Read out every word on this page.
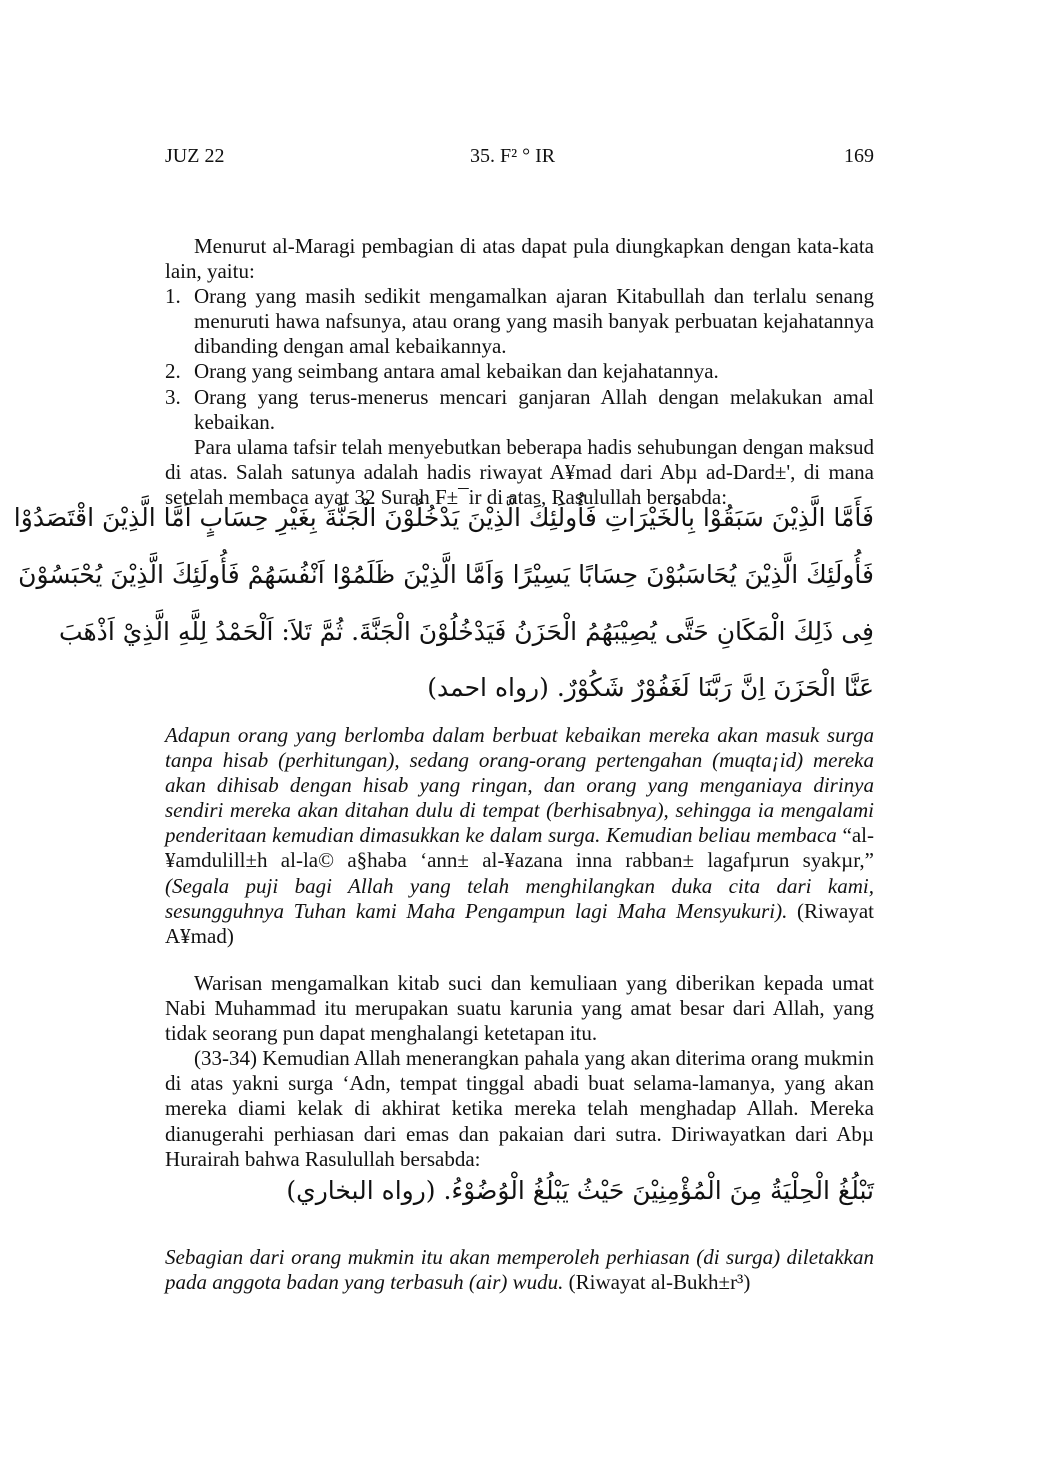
JUZ 22	35. F² ° IR	169

Menurut al-Maragi pembagian di atas dapat pula diungkapkan dengan kata-kata lain, yaitu:

1. Orang yang masih sedikit mengamalkan ajaran Kitabullah dan terlalu senang menuruti hawa nafsunya, atau orang yang masih banyak perbuatan kejahatannya dibanding dengan amal kebaikannya.

2. Orang yang seimbang antara amal kebaikan dan kejahatannya.

3. Orang yang terus-menerus mencari ganjaran Allah dengan melakukan amal kebaikan.

Para ulama tafsir telah menyebutkan beberapa hadis sehubungan dengan maksud di atas. Salah satunya adalah hadis riwayat A¥mad dari Abµ ad-Dard±', di mana setelah membaca ayat 32 Surah F±¯ir di atas, Rasulullah bersabda:

فَأَمَّا الَّذِيْنَ سَبَقُوْا بِالْخَيْرَاتِ فَأُولَئِكَ الَّذِيْنَ يَدْخُلُوْنَ الْجَنَّةَ بِغَيْرِ حِسَابٍ اَمَّا الَّذِيْنَ اقْتَصَدُوْا
فَأُولَئِكَ الَّذِيْنَ يُحَاسَبُوْنَ حِسَابًا يَسِيْرًا وَاَمَّا الَّذِيْنَ ظَلَمُوْا اَنْفُسَهُمْ فَأُولَئِكَ الَّذِيْنَ يُحْبَسُوْنَ
فِى ذَلِكَ الْمَكَانِ حَتَّى يُصِيْبَهُمُ الْحَزَنُ فَيَدْخُلُوْنَ الْجَنَّةَ. ثُمَّ تَلاَ: اَلْحَمْدُ لِلَّهِ الَّذِيْ اَذْهَبَ
عَنَّا الْحَزَنَ اِنَّ رَبَّنَا لَغَفُوْرٌ شَكُوْرٌ. (رواه احمد)

Adapun orang yang berlomba dalam berbuat kebaikan mereka akan masuk surga tanpa hisab (perhitungan), sedang orang-orang pertengahan (muqta¡id) mereka akan dihisab dengan hisab yang ringan, dan orang yang menganiaya dirinya sendiri mereka akan ditahan dulu di tempat (berhisabnya), sehingga ia mengalami penderitaan kemudian dimasukkan ke dalam surga. Kemudian beliau membaca “al-¥amdulill±h al-la© a§haba ‘ann± al-¥azana inna rabban± lagafµrun syakµr,” (Segala puji bagi Allah yang telah menghilangkan duka cita dari kami, sesungguhnya Tuhan kami Maha Pengampun lagi Maha Mensyukuri). (Riwayat A¥mad)

Warisan mengamalkan kitab suci dan kemuliaan yang diberikan kepada umat Nabi Muhammad itu merupakan suatu karunia yang amat besar dari Allah, yang tidak seorang pun dapat menghalangi ketetapan itu.

(33-34) Kemudian Allah menerangkan pahala yang akan diterima orang mukmin di atas yakni surga ‘Adn, tempat tinggal abadi buat selama-lamanya, yang akan mereka diami kelak di akhirat ketika mereka telah menghadap Allah. Mereka dianugerahi perhiasan dari emas dan pakaian dari sutra. Diriwayatkan dari Abµ Hurairah bahwa Rasulullah bersabda:

تَبْلُغُ الْحِلْيَةُ مِنَ الْمُؤْمِنِيْنَ حَيْثُ يَبْلُغُ الْوُضُوْءُ. (رواه البخاري)

Sebagian dari orang mukmin itu akan memperoleh perhiasan (di surga) diletakkan pada anggota badan yang terbasuh (air) wudu. (Riwayat al-Bukh±r³)
